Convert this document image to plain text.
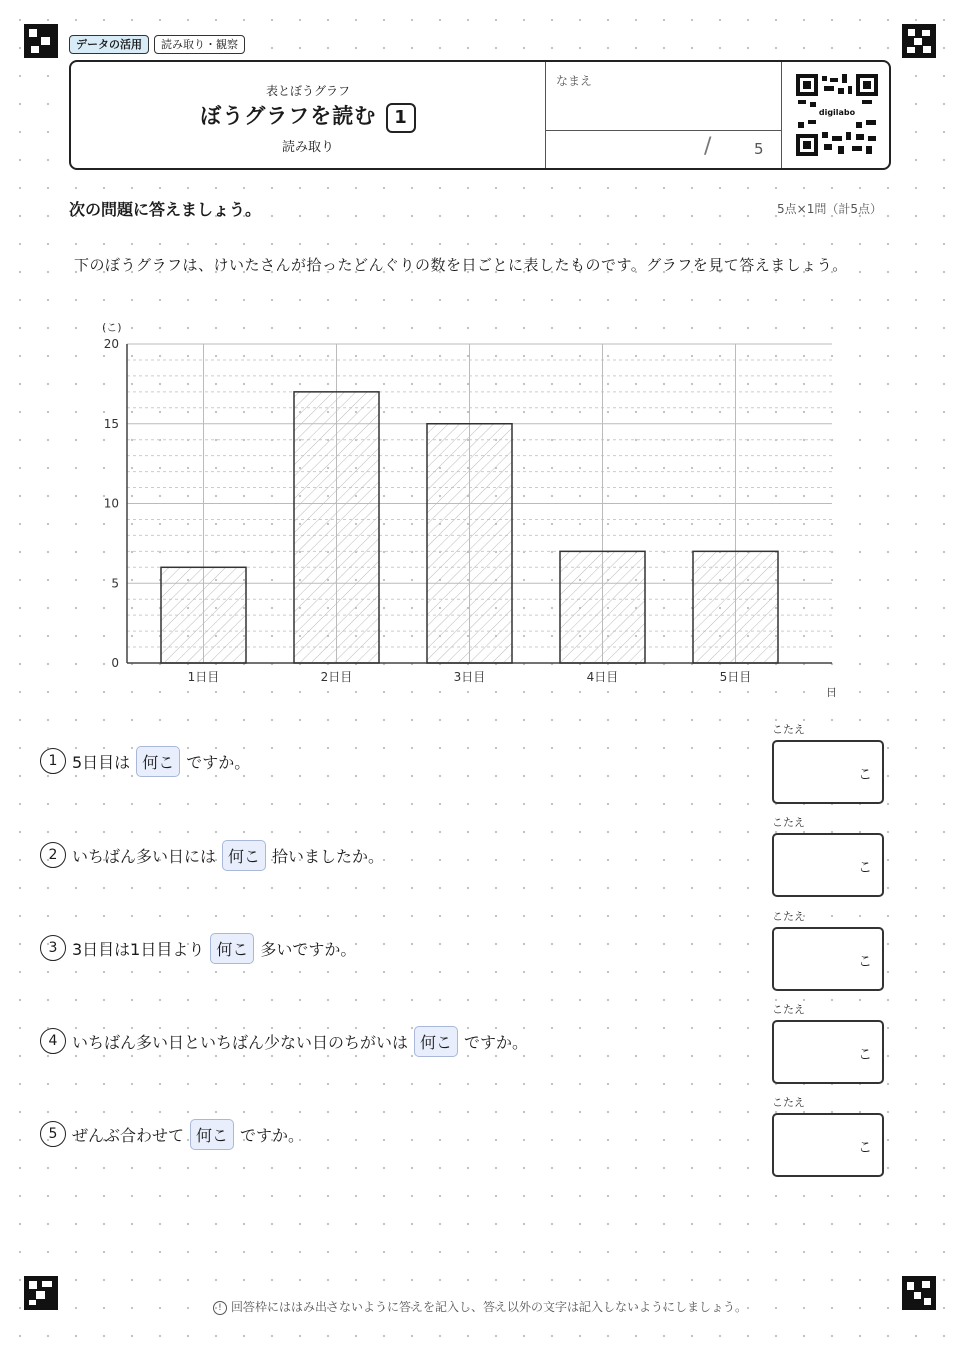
データの活用	読み取り・観察
表とぼうグラフ
ぼうグラフを読む 1
読み取り
なまえ
/	5
digilabo
次の問題に答えましょう。	5点×1問（計5点）
下のぼうグラフは、けいたさんが拾ったどんぐりの数を日ごとに表したものです。グラフを見て答えましょう。
0
5
10
15
20
1日目	2日目	3日目	4日目	5日目
(こ)
日
1 5日目は 何こ ですか。
こたえ
こ
2 いちばん多い日には 何こ 拾いましたか。
こたえ
こ
3 3日目は1日目より 何こ 多いですか。
こたえ
こ
4 いちばん多い日といちばん少ない日のちがいは 何こ ですか。
こたえ
こ
5 ぜんぶ合わせて 何こ ですか。
こたえ
こ
! 回答枠にははみ出さないように答えを記入し、答え以外の文字は記入しないようにしましょう。
